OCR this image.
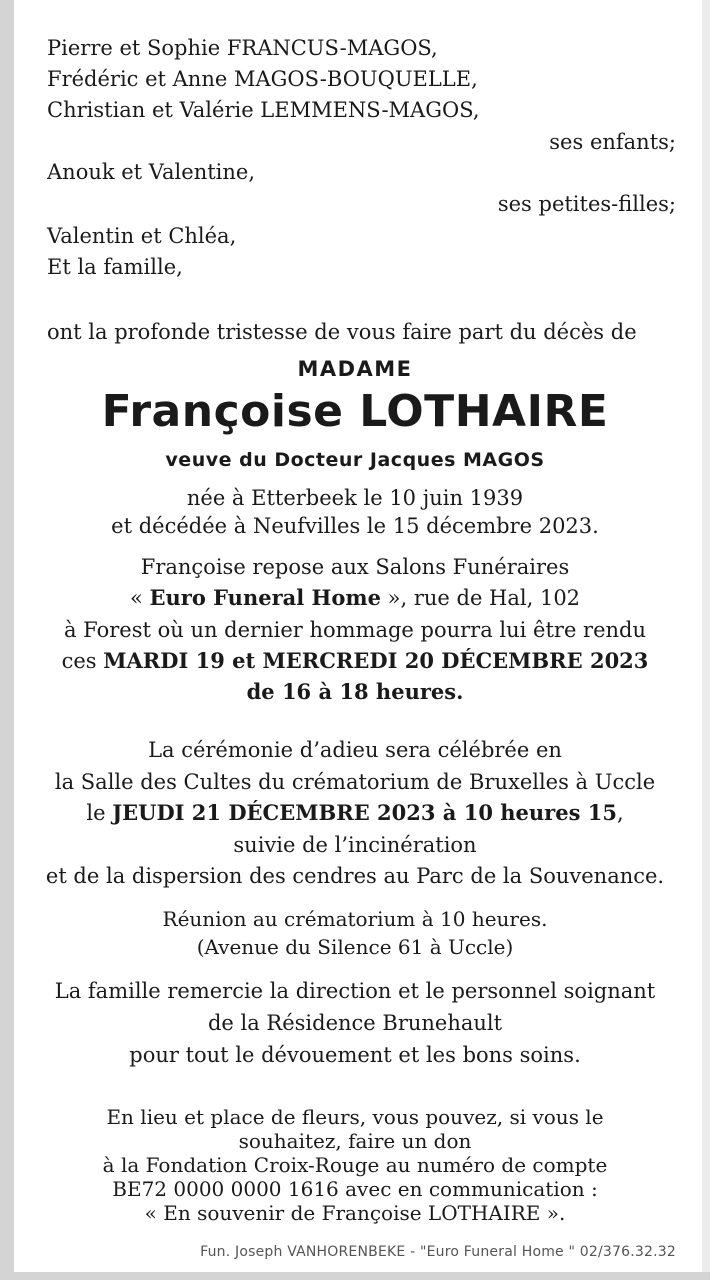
Pierre et Sophie FRANCUS-MAGOS,
Frédéric et Anne MAGOS-BOUQUELLE,
Christian et Valérie LEMMENS-MAGOS,
ses enfants;
Anouk et Valentine,
ses petites-filles;
Valentin et Chléa,
Et la famille,
ont la profonde tristesse de vous faire part du décès de
MADAME
Françoise LOTHAIRE
veuve du Docteur Jacques MAGOS
née à Etterbeek le 10 juin 1939
et décédée à Neufvilles le 15 décembre 2023.
Françoise repose aux Salons Funéraires
« Euro Funeral Home », rue de Hal, 102
à Forest où un dernier hommage pourra lui être rendu
ces MARDI 19 et MERCREDI 20 DÉCEMBRE 2023
de 16 à 18 heures.
La cérémonie d’adieu sera célébrée en
la Salle des Cultes du crématorium de Bruxelles à Uccle
le JEUDI 21 DÉCEMBRE 2023 à 10 heures 15,
suivie de l’incinération
et de la dispersion des cendres au Parc de la Souvenance.
Réunion au crématorium à 10 heures.
(Avenue du Silence 61 à Uccle)
La famille remercie la direction et le personnel soignant
de la Résidence Brunehault
pour tout le dévouement et les bons soins.
En lieu et place de fleurs, vous pouvez, si vous le
souhaitez, faire un don
à la Fondation Croix-Rouge au numéro de compte
BE72 0000 0000 1616 avec en communication :
« En souvenir de Françoise LOTHAIRE ».
Fun. Joseph VANHORENBEKE - "Euro Funeral Home " 02/376.32.32
